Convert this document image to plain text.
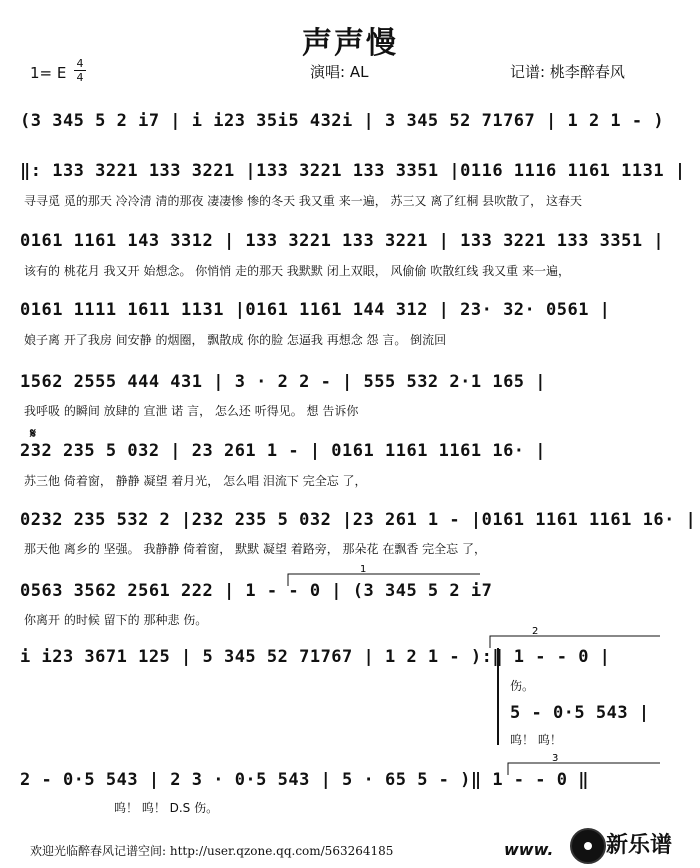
声声慢
1= E
4
4	演唱: AL	记谱: 桃李醉春风
(3 345 5 2 i7 | i i23 35i5 432i | 3 345 52 71767 | 1 2 1 - )
‖: 133 3221 133 3221 |133 3221 133 3351 |0116 1116 1161 1131 |
寻寻觅 觅的那天 冷冷清 清的那夜 凄凄惨 惨的冬天 我又重 来一遍， 苏三又 离了红桐 县吹散了， 这春天
0161 1161 143 3312 | 133 3221 133 3221 | 133 3221 133 3351 |
该有的 桃花月 我又开 始想念。 你悄悄 走的那天 我默默 闭上双眼， 风偷偷 吹散红线 我又重 来一遍，
0161 1111 1611 1131 |0161 1161 144 312 | 23· 32· 0561 |
娘子离 开了我房 间安静 的烟圈， 飘散成 你的脸 怎逼我 再想念 怨 言。 倒流回
1562 2555 444 431 | 3 · 2 2 - | 555 532 2·1 165 |
我呼吸 的瞬间 放肆的 宣泄 诺 言， 怎么还 听得见。 想 告诉你
𝄋
232 235 5 032 | 23 261 1 - | 0161 1161 1161 16· |
苏三他 倚着窗， 静静 凝望 着月光， 怎么唱 泪流下 完全忘 了，
0232 235 532 2 |232 235 5 032 |23 261 1 - |0161 1161 1161 16· |
那天他 离乡的 坚强。 我静静 倚着窗， 默默 凝望 着路旁， 那朵花 在飘香 完全忘 了，
0563 3562 2561 222 | 1 - - 0 | (3 345 5 2 i7
你离开 的时候 留下的 那种悲 伤。
i i23 3671 125 | 5 345 52 71767 | 1 2 1 - ):‖ 1 - - 0 |
伤。
5 - 0·5 543 |
呜！ 呜！
2 - 0·5 543 | 2 3 · 0·5 543 | 5 · 65 5 - )‖ 1 - - 0 ‖
呜！ 呜！ D.S 伤。
1
2
3
欢迎光临醉春风记谱空间: http://user.qzone.qq.com/563264185	www. 新乐谱
